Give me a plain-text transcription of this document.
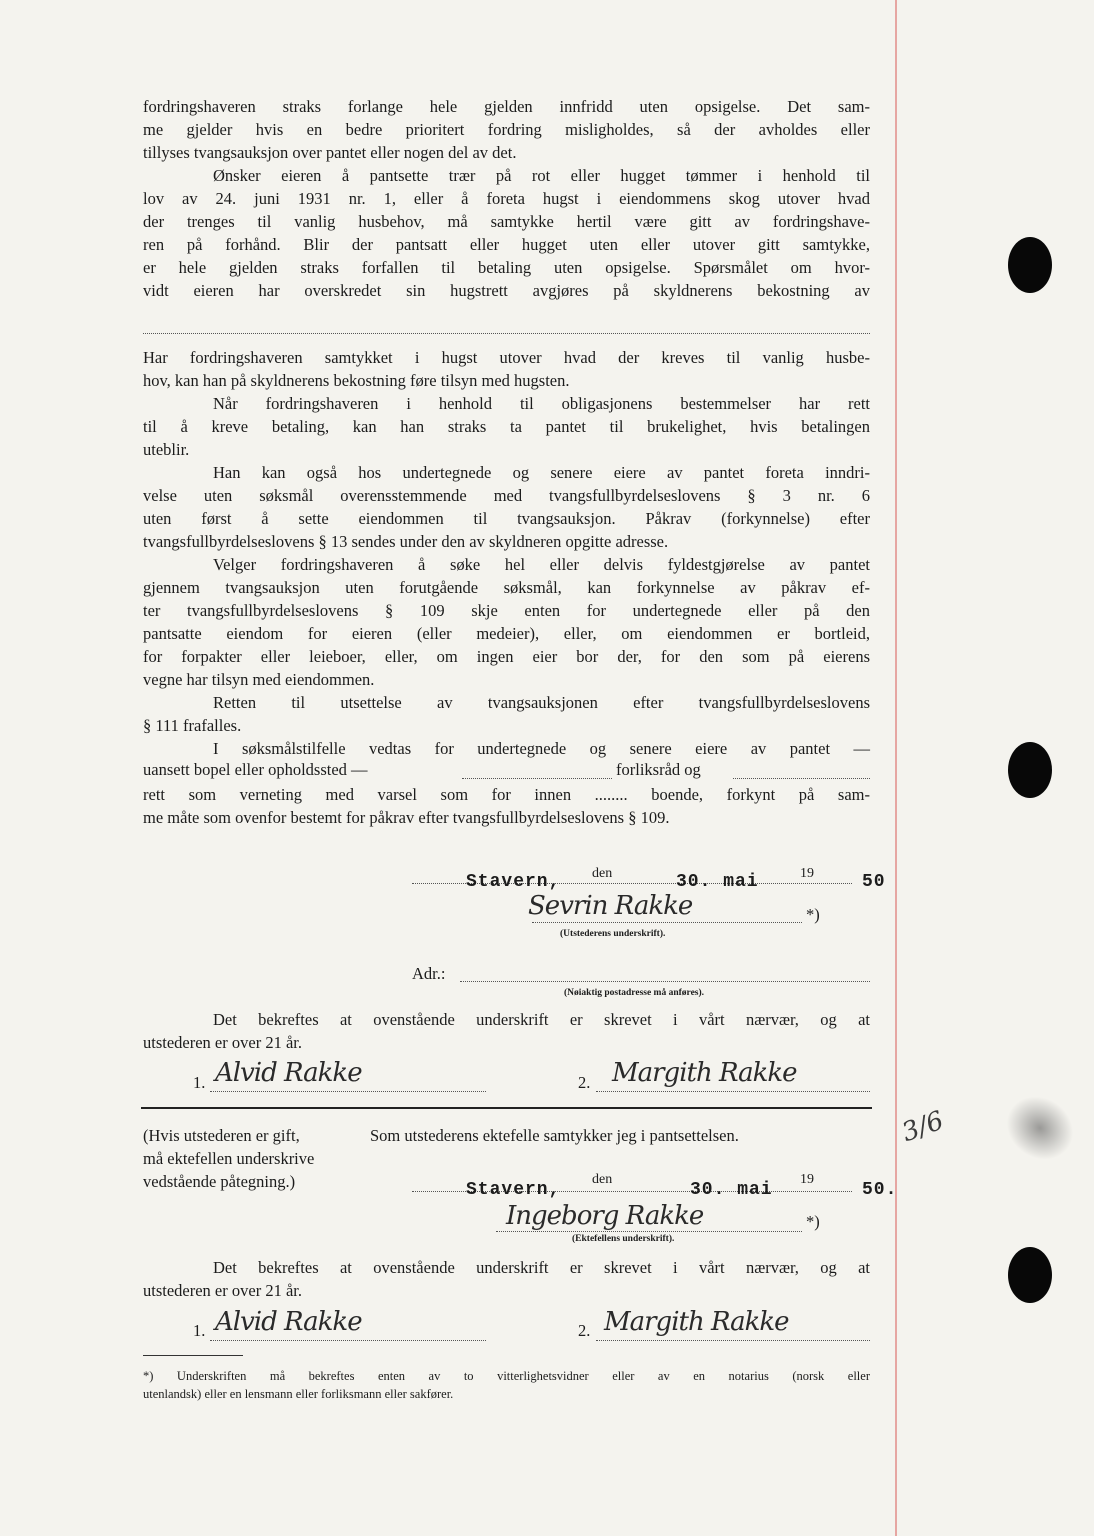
fordringshaveren straks forlange hele gjelden innfridd uten opsigelse. Det sam-
me gjelder hvis en bedre prioritert fordring misligholdes, så der avholdes eller
tillyses tvangsauksjon over pantet eller nogen del av det.
Ønsker eieren å pantsette trær på rot eller hugget tømmer i henhold til
lov av 24. juni 1931 nr. 1, eller å foreta hugst i eiendommens skog utover hvad
der trenges til vanlig husbehov, må samtykke hertil være gitt av fordringshave-
ren på forhånd. Blir der pantsatt eller hugget uten eller utover gitt samtykke,
er hele gjelden straks forfallen til betaling uten opsigelse. Spørsmålet om hvor-
vidt eieren har overskredet sin hugstrett avgjøres på skyldnerens bekostning av
Har fordringshaveren samtykket i hugst utover hvad der kreves til vanlig husbe-
hov, kan han på skyldnerens bekostning føre tilsyn med hugsten.
Når fordringshaveren i henhold til obligasjonens bestemmelser har rett
til å kreve betaling, kan han straks ta pantet til brukelighet, hvis betalingen
uteblir.
Han kan også hos undertegnede og senere eiere av pantet foreta inndri-
velse uten søksmål overensstemmende med tvangsfullbyrdelseslovens § 3 nr. 6
uten først å sette eiendommen til tvangsauksjon. Påkrav (forkynnelse) efter
tvangsfullbyrdelseslovens § 13 sendes under den av skyldneren opgitte adresse.
Velger fordringshaveren å søke hel eller delvis fyldestgjørelse av pantet
gjennem tvangsauksjon uten forutgående søksmål, kan forkynnelse av påkrav ef-
ter tvangsfullbyrdelseslovens § 109 skje enten for undertegnede eller på den
pantsatte eiendom for eieren (eller medeier), eller, om eiendommen er bortleid,
for forpakter eller leieboer, eller, om ingen eier bor der, for den som på eierens
vegne har tilsyn med eiendommen.
Retten til utsettelse av tvangsauksjonen efter tvangsfullbyrdelseslovens
§ 111 frafalles.
I søksmålstilfelle vedtas for undertegnede og senere eiere av pantet —
uansett bopel eller opholdssted —	forliksråd og
rett som verneting med varsel som for innen ........ boende, forkynt på sam-
me måte som ovenfor bestemt for påkrav efter tvangsfullbyrdelseslovens § 109.
Stavern, den	30. mai	19	50
Sevrin Rakke	*)
(Utstederens underskrift).
Adr.:
(Nøiaktig postadresse må anføres).
Det bekreftes at ovenstående underskrift er skrevet i vårt nærvær, og at
utstederen er over 21 år.
1. Alvid Rakke	2. Margith Rakke
(Hvis utstederen er gift,
må ektefellen underskrive
vedstående påtegning.)
Som utstederens ektefelle samtykker jeg i pantsettelsen.
Stavern,
den
30. mai
19
50.
Ingeborg Rakke	*)
(Ektefellens underskrift).
3/6
Det bekreftes at ovenstående underskrift er skrevet i vårt nærvær, og at
utstederen er over 21 år.
1. Alvid Rakke	2. Margith Rakke
*) Underskriften må bekreftes enten av to vitterlighetsvidner eller av en notarius (norsk eller
utenlandsk) eller en lensmann eller forliksmann eller sakfører.
